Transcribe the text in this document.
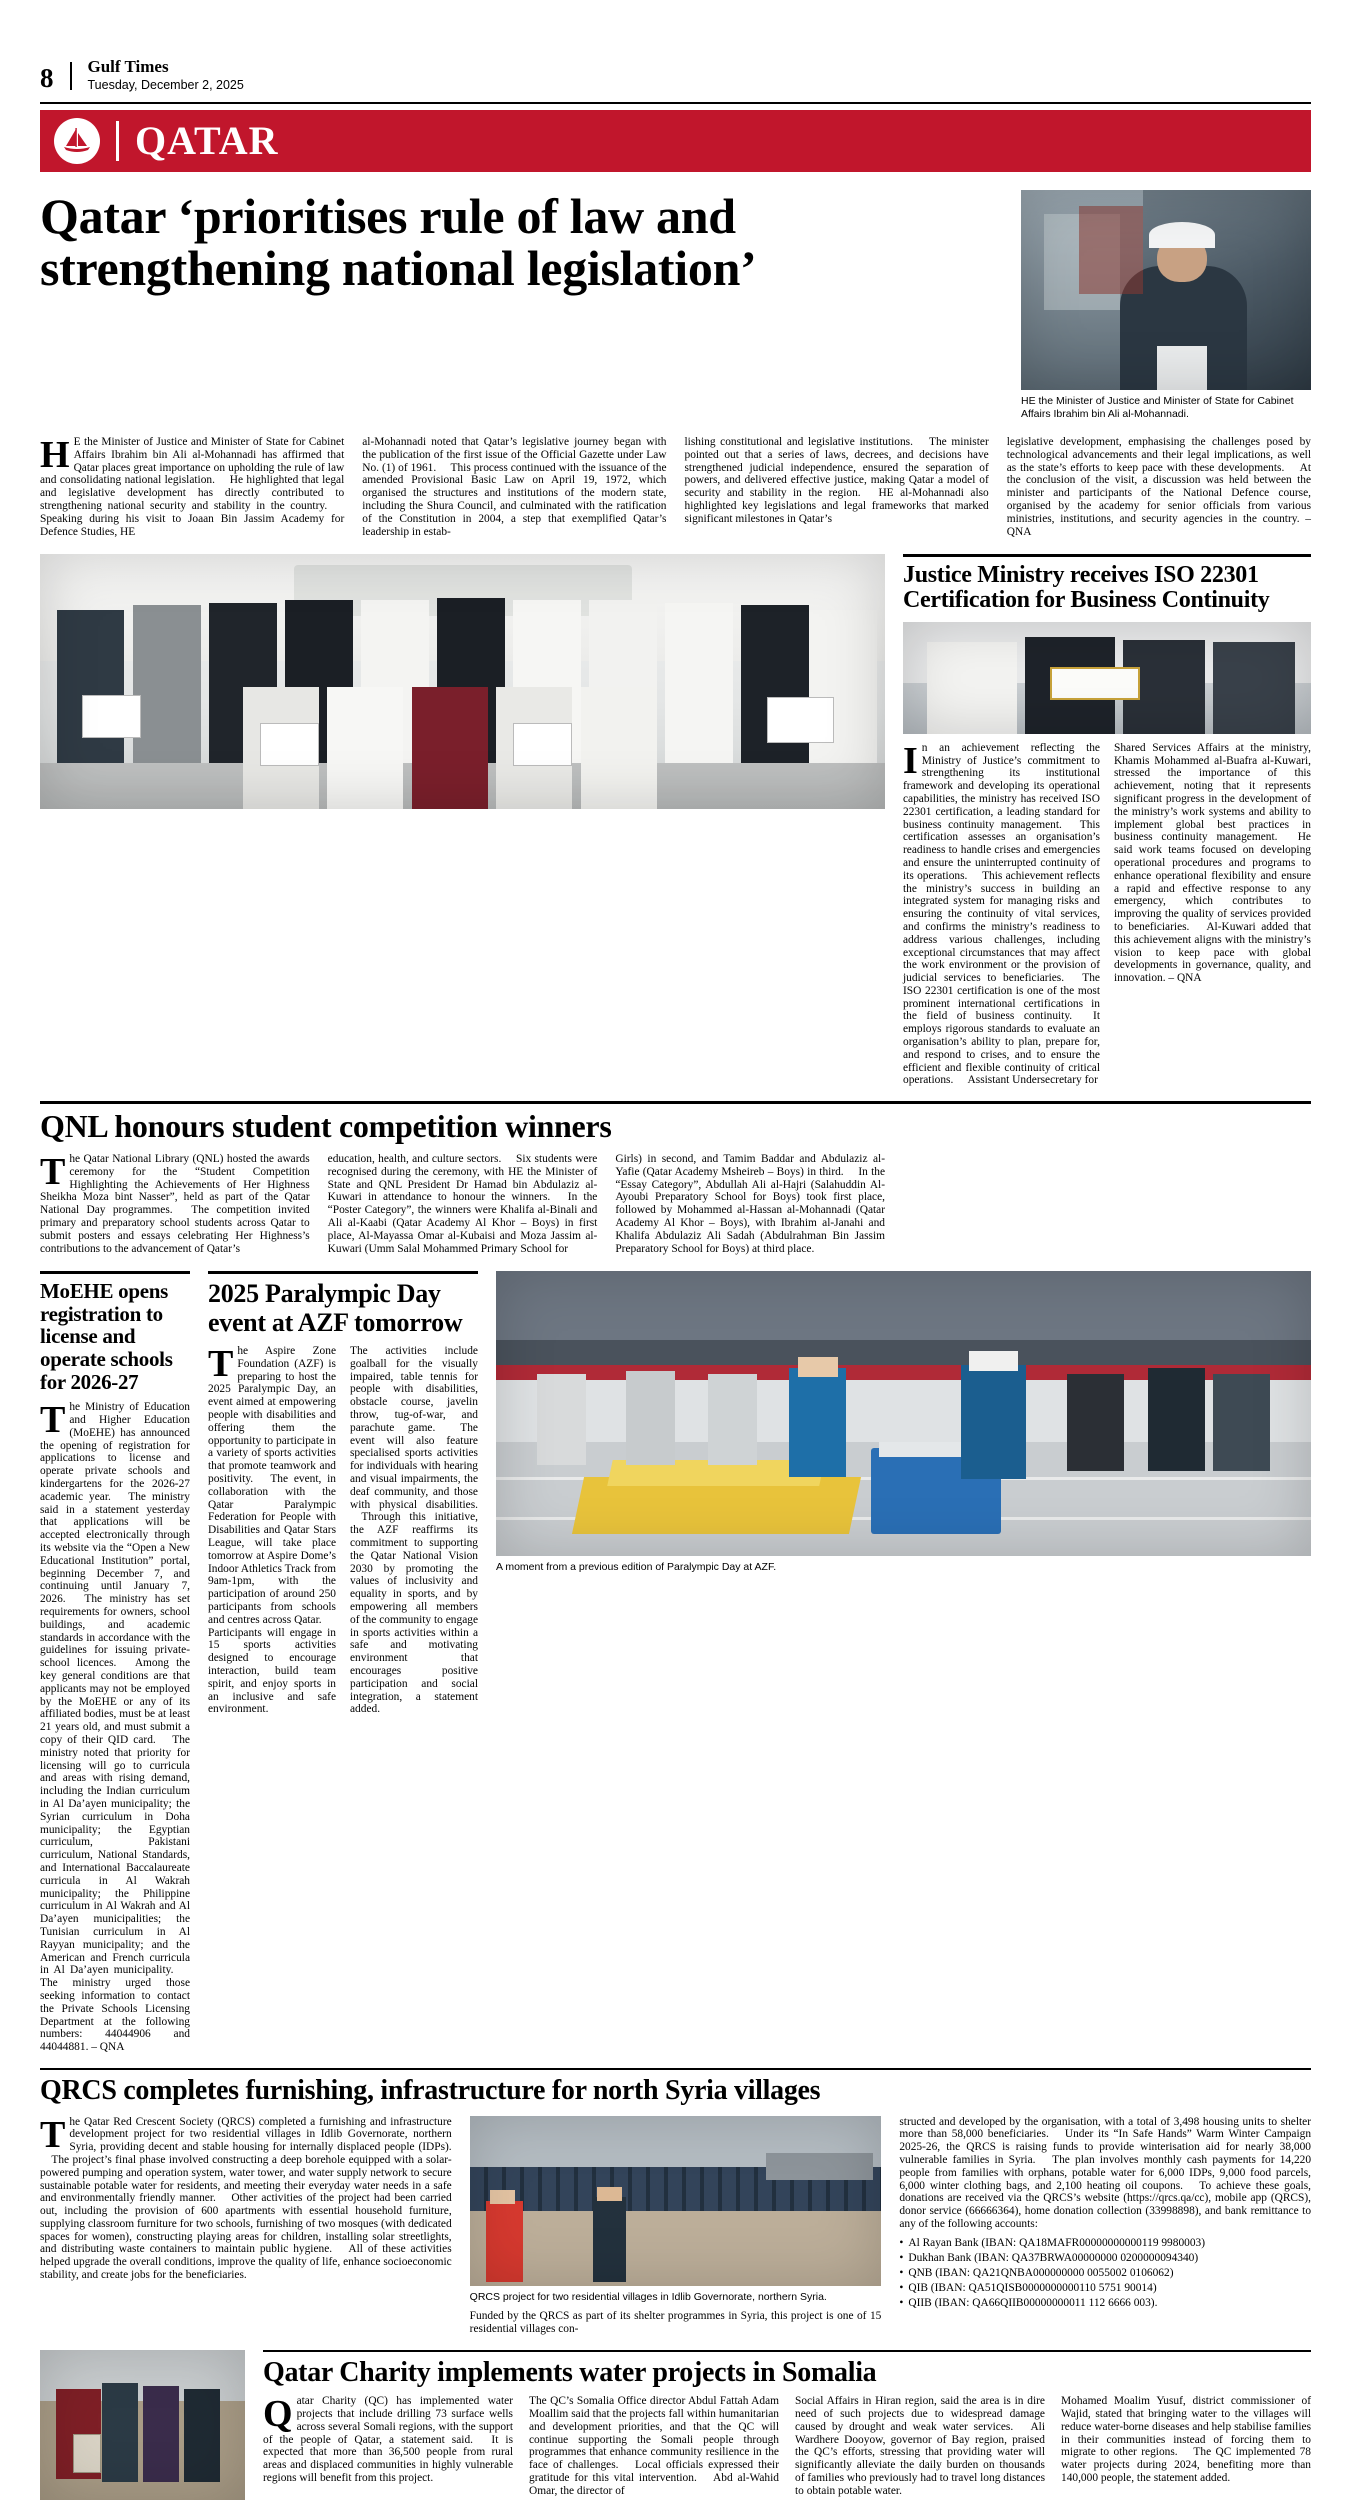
8 Gulf Times
Tuesday, December 2, 2025
QATAR
Qatar ‘prioritises rule of law and strengthening national legislation’
HE the Minister of Justice and Minister of State for Cabinet Affairs Ibrahim bin Ali al-Mohannadi.
H E the Minister of Justice and Minister of State for Cabinet Affairs Ibrahim bin Ali al-Mohannadi has affirmed that Qatar places great importance on upholding the rule of law and consolidating national legislation.  He highlighted that legal and legislative development has directly contributed to strengthening national security and stability in the country.  Speaking during his visit to Joaan Bin Jassim Academy for Defence Studies, HE
al-Mohannadi noted that Qatar’s legislative journey began with the publication of the first issue of the Official Gazette under Law No. (1) of 1961.  This process continued with the issuance of the amended Provisional Basic Law on April 19, 1972, which organised the structures and institutions of the modern state, including the Shura Council, and culminated with the ratification of the Constitution in 2004, a step that exemplified Qatar’s leadership in estab-
lishing constitutional and legislative institutions.  The minister pointed out that a series of laws, decrees, and decisions have strengthened judicial independence, ensured the separation of powers, and delivered effective justice, making Qatar a model of security and stability in the region.  HE al-Mohannadi also highlighted key legislations and legal frameworks that marked significant milestones in Qatar’s
legislative development, emphasising the challenges posed by technological advancements and their legal implications, as well as the state’s efforts to keep pace with these developments.  At the conclusion of the visit, a discussion was held between the minister and participants of the National Defence course, organised by the academy for senior officials from various ministries, institutions, and security agencies in the country. – QNA
Justice Ministry receives ISO 22301 Certification for Business Continuity
I n an achievement reflecting the Ministry of Justice’s commitment to strengthening its institutional framework and developing its operational capabilities, the ministry has received ISO 22301 certification, a leading standard for business continuity management.  This certification assesses an organisation’s readiness to handle crises and emergencies and ensure the uninterrupted continuity of its operations.  This achievement reflects the ministry’s success in building an integrated system for managing risks and ensuring the continuity of vital services, and confirms the ministry’s readiness to address various challenges, including exceptional circumstances that may affect the work environment or the provision of judicial services to beneficiaries.  The ISO 22301 certification is one of the most prominent international certifications in the field of business continuity.  It employs rigorous standards to evaluate an organisation’s ability to plan, prepare for, and respond to crises, and to ensure the efficient and flexible continuity of critical operations.  Assistant Undersecretary for
Shared Services Affairs at the ministry, Khamis Mohammed al-Buafra al-Kuwari, stressed the importance of this achievement, noting that it represents significant progress in the development of the ministry’s work systems and ability to implement global best practices in business continuity management.  He said work teams focused on developing operational procedures and programs to enhance operational flexibility and ensure a rapid and effective response to any emergency, which contributes to improving the quality of services provided to beneficiaries.  Al-Kuwari added that this achievement aligns with the ministry’s vision to keep pace with global developments in governance, quality, and innovation. – QNA
QNL honours student competition winners
T he Qatar National Library (QNL) hosted the awards ceremony for the “Student Competition Highlighting the Achievements of Her Highness Sheikha Moza bint Nasser”, held as part of the Qatar National Day programmes.  The competition invited primary and preparatory school students across Qatar to submit posters and essays celebrating Her Highness’s contributions to the advancement of Qatar’s
education, health, and culture sectors.  Six students were recognised during the ceremony, with HE the Minister of State and QNL President Dr Hamad bin Abdulaziz al-Kuwari in attendance to honour the winners.  In the “Poster Category”, the winners were Khalifa al-Binali and Ali al-Kaabi (Qatar Academy Al Khor – Boys) in first place, Al-Mayassa Omar al-Kubaisi and Moza Jassim al-Kuwari (Umm Salal Mohammed Primary School for
Girls) in second, and Tamim Baddar and Abdulaziz al-Yafie (Qatar Academy Msheireb – Boys) in third.  In the “Essay Category”, Abdullah Ali al-Hajri (Salahuddin Al-Ayoubi Preparatory School for Boys) took first place, followed by Mohammed al-Hassan al-Mohannadi (Qatar Academy Al Khor – Boys), with Ibrahim al-Janahi and Khalifa Abdulaziz Ali Sadah (Abdulrahman Bin Jassim Preparatory School for Boys) at third place.
MoEHE opens registration to license and operate schools for 2026-27
T he Ministry of Education and Higher Education (MoEHE) has announced the opening of registration for applications to license and operate private schools and kindergartens for the 2026-27 academic year.  The ministry said in a statement yesterday that applications will be accepted electronically through its website via the “Open a New Educational Institution” portal, beginning December 7, and continuing until January 7, 2026.  The ministry has set requirements for owners, school buildings, and academic standards in accordance with the guidelines for issuing private-school licences.  Among the key general conditions are that applicants may not be employed by the MoEHE or any of its affiliated bodies, must be at least 21 years old, and must submit a copy of their QID card.  The ministry noted that priority for licensing will go to curricula and areas with rising demand, including the Indian curriculum in Al Da’ayen municipality; the Syrian curriculum in Doha municipality; the Egyptian curriculum, Pakistani curriculum, National Standards, and International Baccalaureate curricula in Al Wakrah municipality; the Philippine curriculum in Al Wakrah and Al Da’ayen municipalities; the Tunisian curriculum in Al Rayyan municipality; and the American and French curricula in Al Da’ayen municipality.  The ministry urged those seeking information to contact the Private Schools Licensing Department at the following numbers: 44044906 and 44044881. – QNA
2025 Paralympic Day event at AZF tomorrow
T he Aspire Zone Foundation (AZF) is preparing to host the 2025 Paralympic Day, an event aimed at empowering people with disabilities and offering them the opportunity to participate in a variety of sports activities that promote teamwork and positivity.  The event, in collaboration with the Qatar Paralympic Federation for People with Disabilities and Qatar Stars League, will take place tomorrow at Aspire Dome’s Indoor Athletics Track from 9am-1pm, with the participation of around 250 participants from schools and centres across Qatar.  Participants will engage in 15 sports activities designed to encourage interaction, build team spirit, and enjoy sports in an inclusive and safe environment.
The activities include goalball for the visually impaired, table tennis for people with disabilities, obstacle course, javelin throw, tug-of-war, and parachute game.  The event will also feature specialised sports activities for individuals with hearing and visual impairments, the deaf community, and those with physical disabilities.  Through this initiative, the AZF reaffirms its commitment to supporting the Qatar National Vision 2030 by promoting the values of inclusivity and equality in sports, and by empowering all members of the community to engage in sports activities within a safe and motivating environment that encourages positive participation and social integration, a statement added.
A moment from a previous edition of Paralympic Day at AZF.
QRCS completes furnishing, infrastructure for north Syria villages
T he Qatar Red Crescent Society (QRCS) completed a furnishing and infrastructure development project for two residential villages in Idlib Governorate, northern Syria, providing decent and stable housing for internally displaced people (IDPs).  The project’s final phase involved constructing a deep borehole equipped with a solar-powered pumping and operation system, water tower, and water supply network to secure sustainable potable water for residents, and meeting their everyday water needs in a safe and environmentally friendly manner.  Other activities of the project had been carried out, including the provision of 600 apartments with essential household furniture, supplying classroom furniture for two schools, furnishing of two mosques (with dedicated spaces for women), constructing playing areas for children, installing solar streetlights, and distributing waste containers to maintain public hygiene.  All of these activities helped upgrade the overall conditions, improve the quality of life, enhance socioeconomic stability, and create jobs for the beneficiaries.
QRCS project for two residential villages in Idlib Governorate, northern Syria.
Funded by the QRCS as part of its shelter programmes in Syria, this project is one of 15 residential villages con-
structed and developed by the organisation, with a total of 3,498 housing units to shelter more than 58,000 beneficiaries.  Under its “In Safe Hands” Warm Winter Campaign 2025-26, the QRCS is raising funds to provide winterisation aid for nearly 38,000 vulnerable families in Syria.  The plan involves monthly cash payments for 14,220 people from families with orphans, potable water for 6,000 IDPs, 9,000 food parcels, 6,000 winter clothing bags, and 2,100 heating oil coupons.  To achieve these goals, donations are received via the QRCS’s website (https://qrcs.qa/cc), mobile app (QRCS), donor service (66666364), home donation collection (33998898), and bank remittance to any of the following accounts:
• Al Rayan Bank (IBAN: QA18MAFR00000000000119 9980003)
• Dukhan Bank (IBAN: QA37BRWA00000000 0200000094340)
• QNB (IBAN: QA21QNBA000000000 0055002 0106062)
• QIB (IBAN: QA51QISB0000000000110 5751 90014)
• QIIB (IBAN: QA66QIIB00000000011 112 6666 003).
Qatar Charity implements water projects in Somalia
Q atar Charity (QC) has implemented water projects that include drilling 73 surface wells across several Somali regions, with the support of the people of Qatar, a statement said.  It is expected that more than 36,500 people from rural areas and displaced communities in highly vulnerable regions will benefit from this project.
The QC’s Somalia Office director Abdul Fattah Adam Moallim said that the projects fall within humanitarian and development priorities, and that the QC will continue supporting the Somali people through programmes that enhance community resilience in the face of challenges.  Local officials expressed their gratitude for this vital intervention.  Abd al-Wahid Omar, the director of
Social Affairs in Hiran region, said the area is in dire need of such projects due to widespread damage caused by drought and weak water services.  Ali Wardhere Dooyow, governor of Bay region, praised the QC’s efforts, stressing that providing water will significantly alleviate the daily burden on thousands of families who previously had to travel long distances to obtain potable water.
Mohamed Moalim Yusuf, district commissioner of Wajid, stated that bringing water to the villages will reduce water-borne diseases and help stabilise families in their communities instead of forcing them to migrate to other regions.  The QC implemented 78 water projects during 2024, benefiting more than 140,000 people, the statement added.
